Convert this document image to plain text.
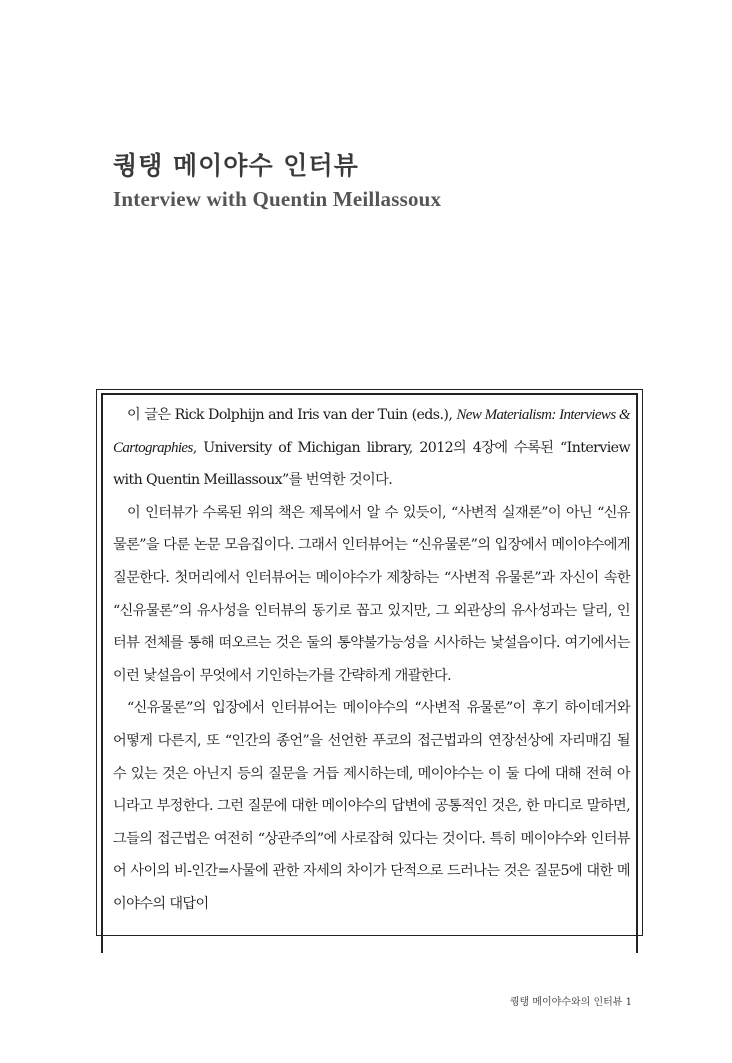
퀑탱 메이야수 인터뷰
Interview with Quentin Meillassoux

이 글은 Rick Dolphijn and Iris van der Tuin (eds.), New Materialism: Interviews & Cartographies, University of Michigan library, 2012의 4장에 수록된 “Interview with Quentin Meillassoux”를 번역한 것이다.

이 인터뷰가 수록된 위의 책은 제목에서 알 수 있듯이, “사변적 실재론”이 아닌 “신유물론”을 다룬 논문 모음집이다. 그래서 인터뷰어는 “신유물론”의 입장에서 메이야수에게 질문한다. 첫머리에서 인터뷰어는 메이야수가 제창하는 “사변적 유물론”과 자신이 속한 “신유물론”의 유사성을 인터뷰의 동기로 꼽고 있지만, 그 외관상의 유사성과는 달리, 인터뷰 전체를 통해 떠오르는 것은 둘의 통약불가능성을 시사하는 낯설음이다. 여기에서는 이런 낯설음이 무엇에서 기인하는가를 간략하게 개괄한다.

“신유물론”의 입장에서 인터뷰어는 메이야수의 “사변적 유물론”이 후기 하이데거와 어떻게 다른지, 또 “인간의 종언”을 선언한 푸코의 접근법과의 연장선상에 자리매김 될 수 있는 것은 아닌지 등의 질문을 거듭 제시하는데, 메이야수는 이 둘 다에 대해 전혀 아니라고 부정한다. 그런 질문에 대한 메이야수의 답변에 공통적인 것은, 한 마디로 말하면, 그들의 접근법은 여전히 “상관주의”에 사로잡혀 있다는 것이다. 특히 메이야수와 인터뷰어 사이의 비-인간=사물에 관한 자세의 차이가 단적으로 드러나는 것은 질문5에 대한 메이야수의 대답이

퀑탱 메이야수와의 인터뷰 1
